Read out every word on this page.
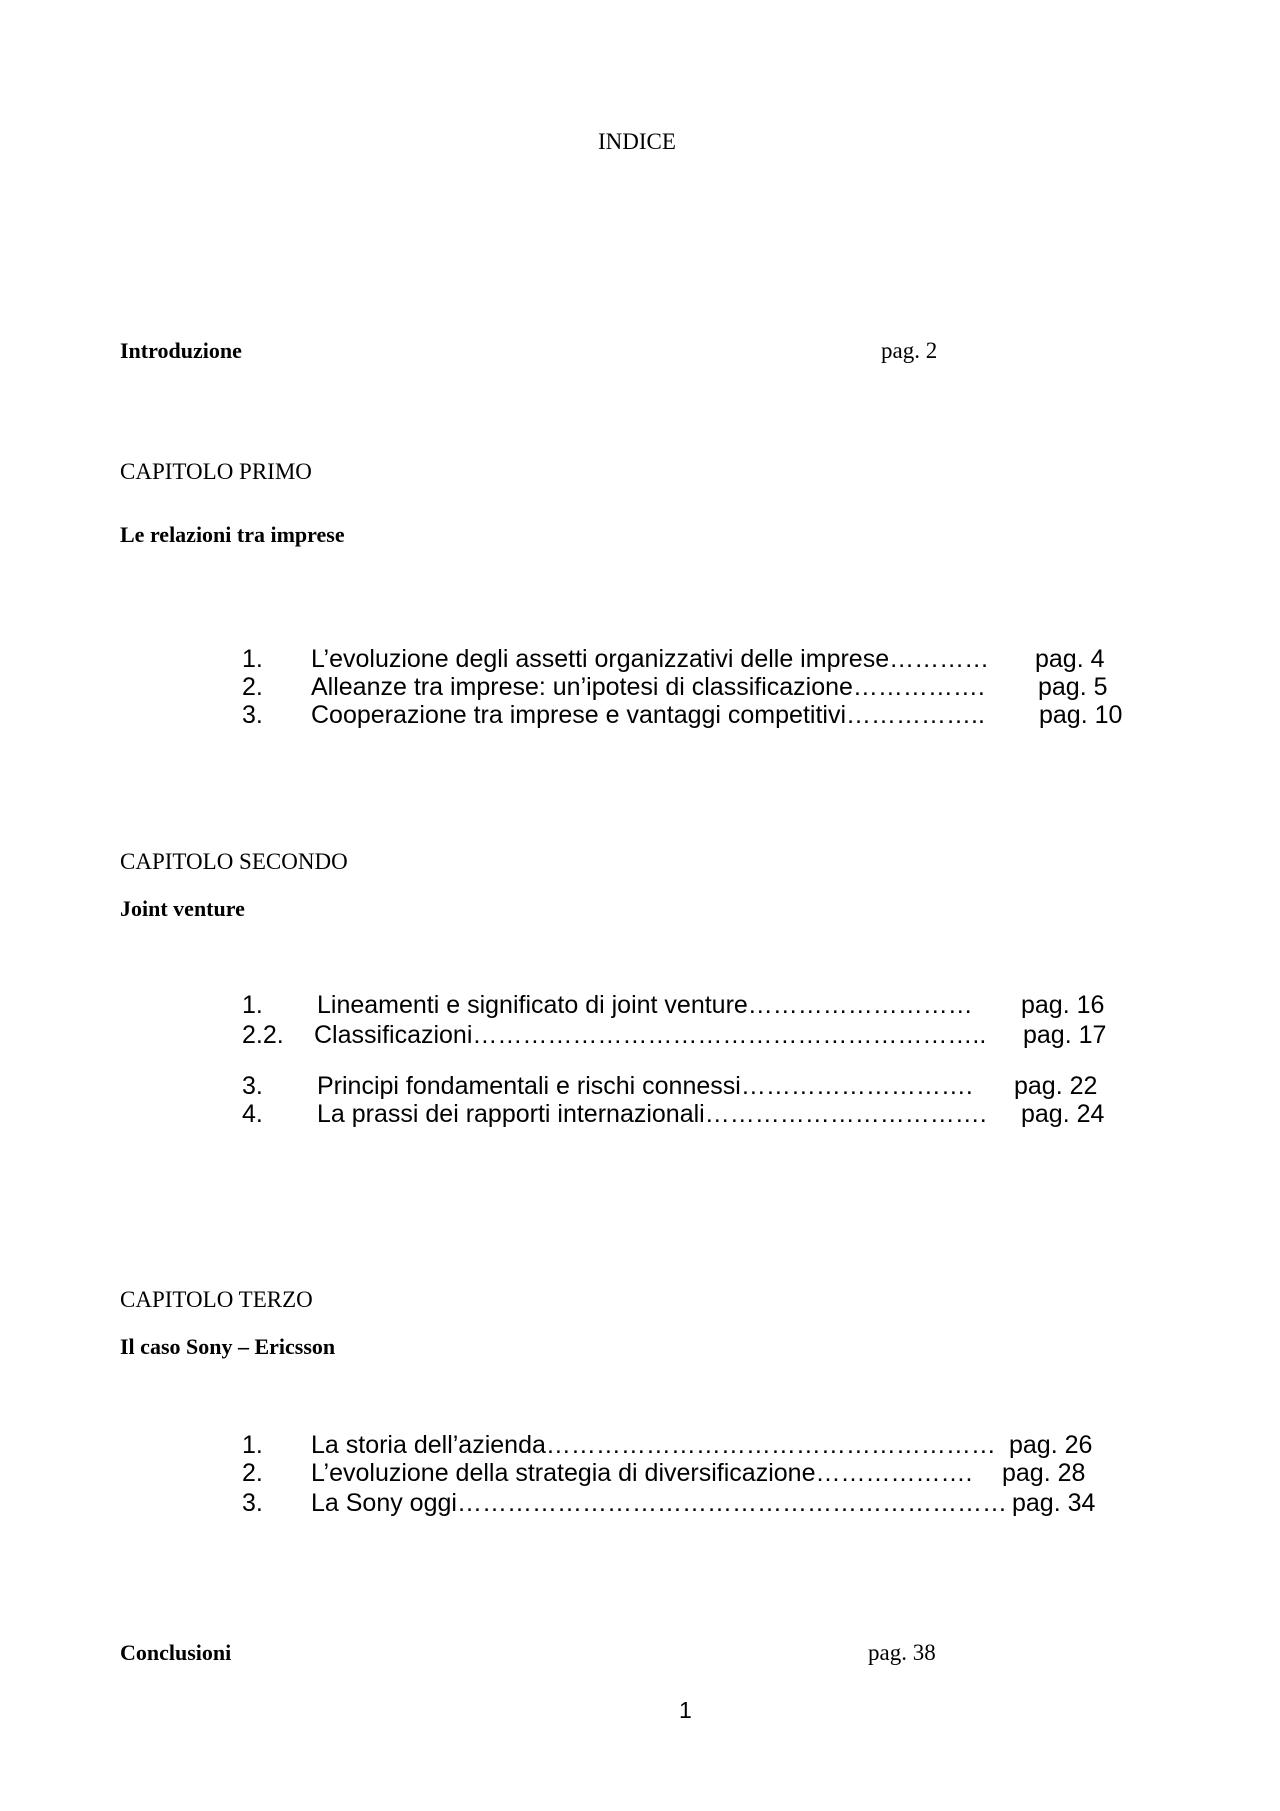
INDICE
Introduzione	pag. 2
CAPITOLO PRIMO
Le relazioni tra imprese
1. L’evoluzione degli assetti organizzativi delle imprese………… pag. 4
2. Alleanze tra imprese: un’ipotesi di classificazione……………. pag. 5
3. Cooperazione tra imprese e vantaggi competitivi…………….. pag. 10
CAPITOLO SECONDO
Joint venture
1. Lineamenti e significato di joint venture……………………… pag. 16
2.2. Classificazioni…………………………………………………….. pag. 17
3. Principi fondamentali e rischi connessi………………………. pag. 22
4. La prassi dei rapporti internazionali……………………………. pag. 24
CAPITOLO TERZO
Il caso Sony – Ericsson
1. La storia dell’azienda……………………………………………… pag. 26
2. L’evoluzione della strategia di diversificazione………………. pag. 28
3. La Sony oggi………………………………………………………… pag. 34
Conclusioni	pag. 38
1
